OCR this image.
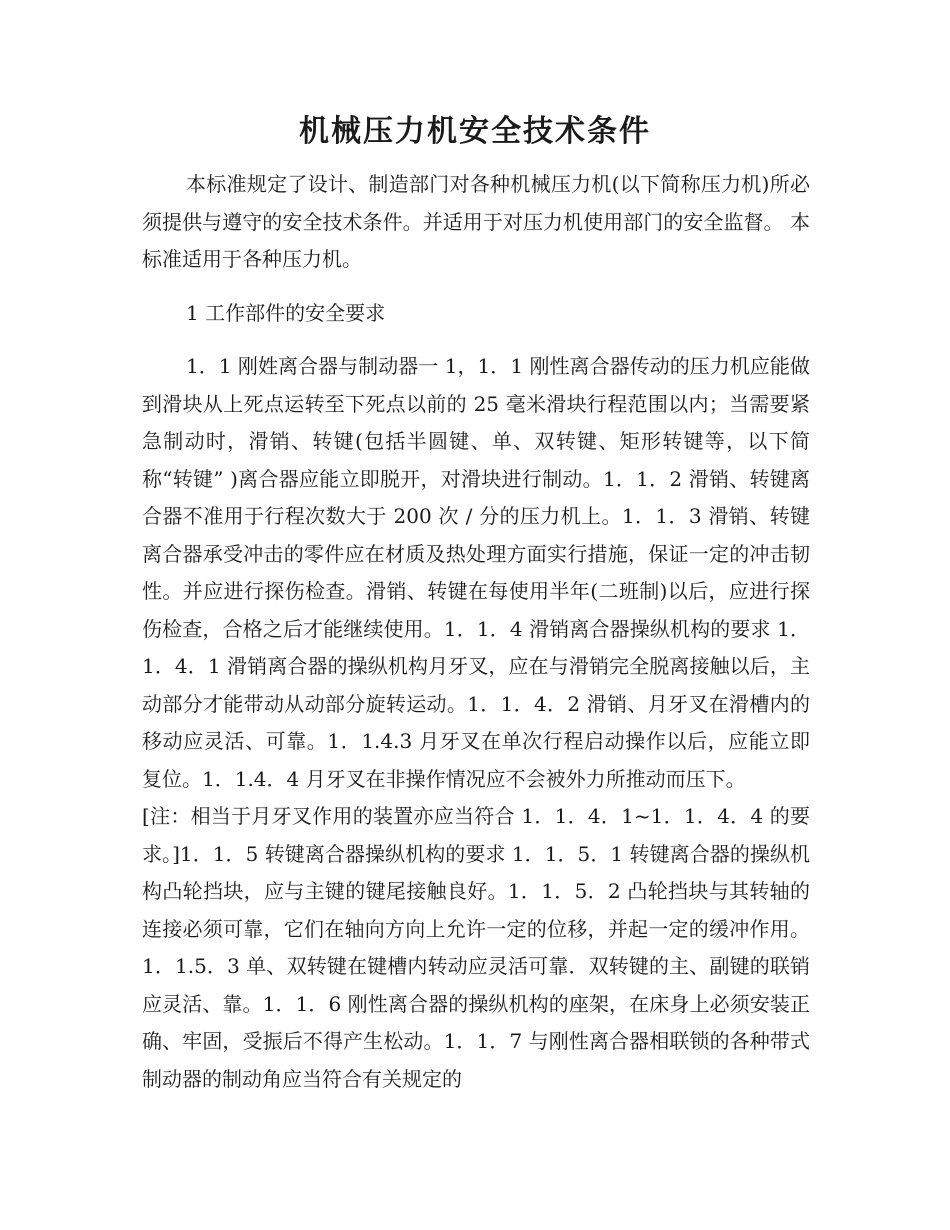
机械压力机安全技术条件

本标准规定了设计、制造部门对各种机械压力机(以下简称压力机)所必须提供与遵守的安全技术条件。并适用于对压力机使用部门的安全监督。 本标准适用于各种压力机。

1 工作部件的安全要求

1．1 刚姓离合器与制动器一 1，1．1 刚性离合器传动的压力机应能做到滑块从上死点运转至下死点以前的 25 毫米滑块行程范围以内；当需要紧急制动时，滑销、转键(包括半圆键、单、双转键、矩形转键等，以下简称“转键” )离合器应能立即脱开，对滑块进行制动。1．1．2 滑销、转键离合器不准用于行程次数大于 200 次 / 分的压力机上。1．1．3 滑销、转键离合器承受冲击的零件应在材质及热处理方面实行措施，保证一定的冲击韧性。并应进行探伤检查。滑销、转键在每使用半年(二班制)以后，应进行探伤检查，合格之后才能继续使用。1．1．4 滑销离合器操纵机构的要求 1．1．4．1 滑销离合器的操纵机构月牙叉，应在与滑销完全脱离接触以后，主动部分才能带动从动部分旋转运动。1．1．4．2 滑销、月牙叉在滑槽内的移动应灵活、可靠。1．1.4.3 月牙叉在单次行程启动操作以后，应能立即复位。1．1.4．4 月牙叉在非操作情况应不会被外力所推动而压下。

[注：相当于月牙叉作用的装置亦应当符合 1．1．4．1~1．1．4．4 的要求。]1．1．5 转键离合器操纵机构的要求 1．1．5．1 转键离合器的操纵机构凸轮挡块，应与主键的键尾接触良好。1．1．5．2 凸轮挡块与其转轴的连接必须可靠，它们在轴向方向上允许一定的位移，并起一定的缓冲作用。1．1.5．3 单、双转键在键槽内转动应灵活可靠．双转键的主、副键的联销应灵活、靠。1．1．6 刚性离合器的操纵机构的座架，在床身上必须安装正确、牢固，受振后不得产生松动。1．1．7 与刚性离合器相联锁的各种带式制动器的制动角应当符合有关规定的
